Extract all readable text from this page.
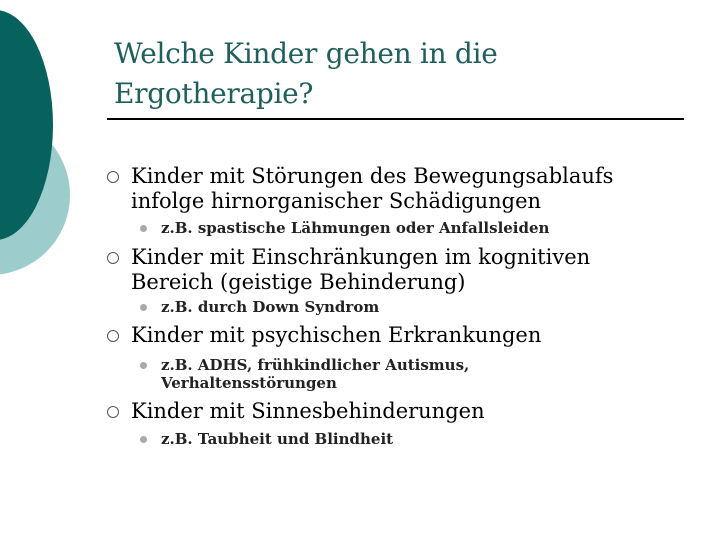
Welche Kinder gehen in die
Ergotherapie?
Kinder mit Störungen des Bewegungsablaufs
infolge hirnorganischer Schädigungen
z.B. spastische Lähmungen oder Anfallsleiden
Kinder mit Einschränkungen im kognitiven
Bereich (geistige Behinderung)
z.B. durch Down Syndrom
Kinder mit psychischen Erkrankungen
z.B. ADHS, frühkindlicher Autismus,
Verhaltensstörungen
Kinder mit Sinnesbehinderungen
z.B. Taubheit und Blindheit
